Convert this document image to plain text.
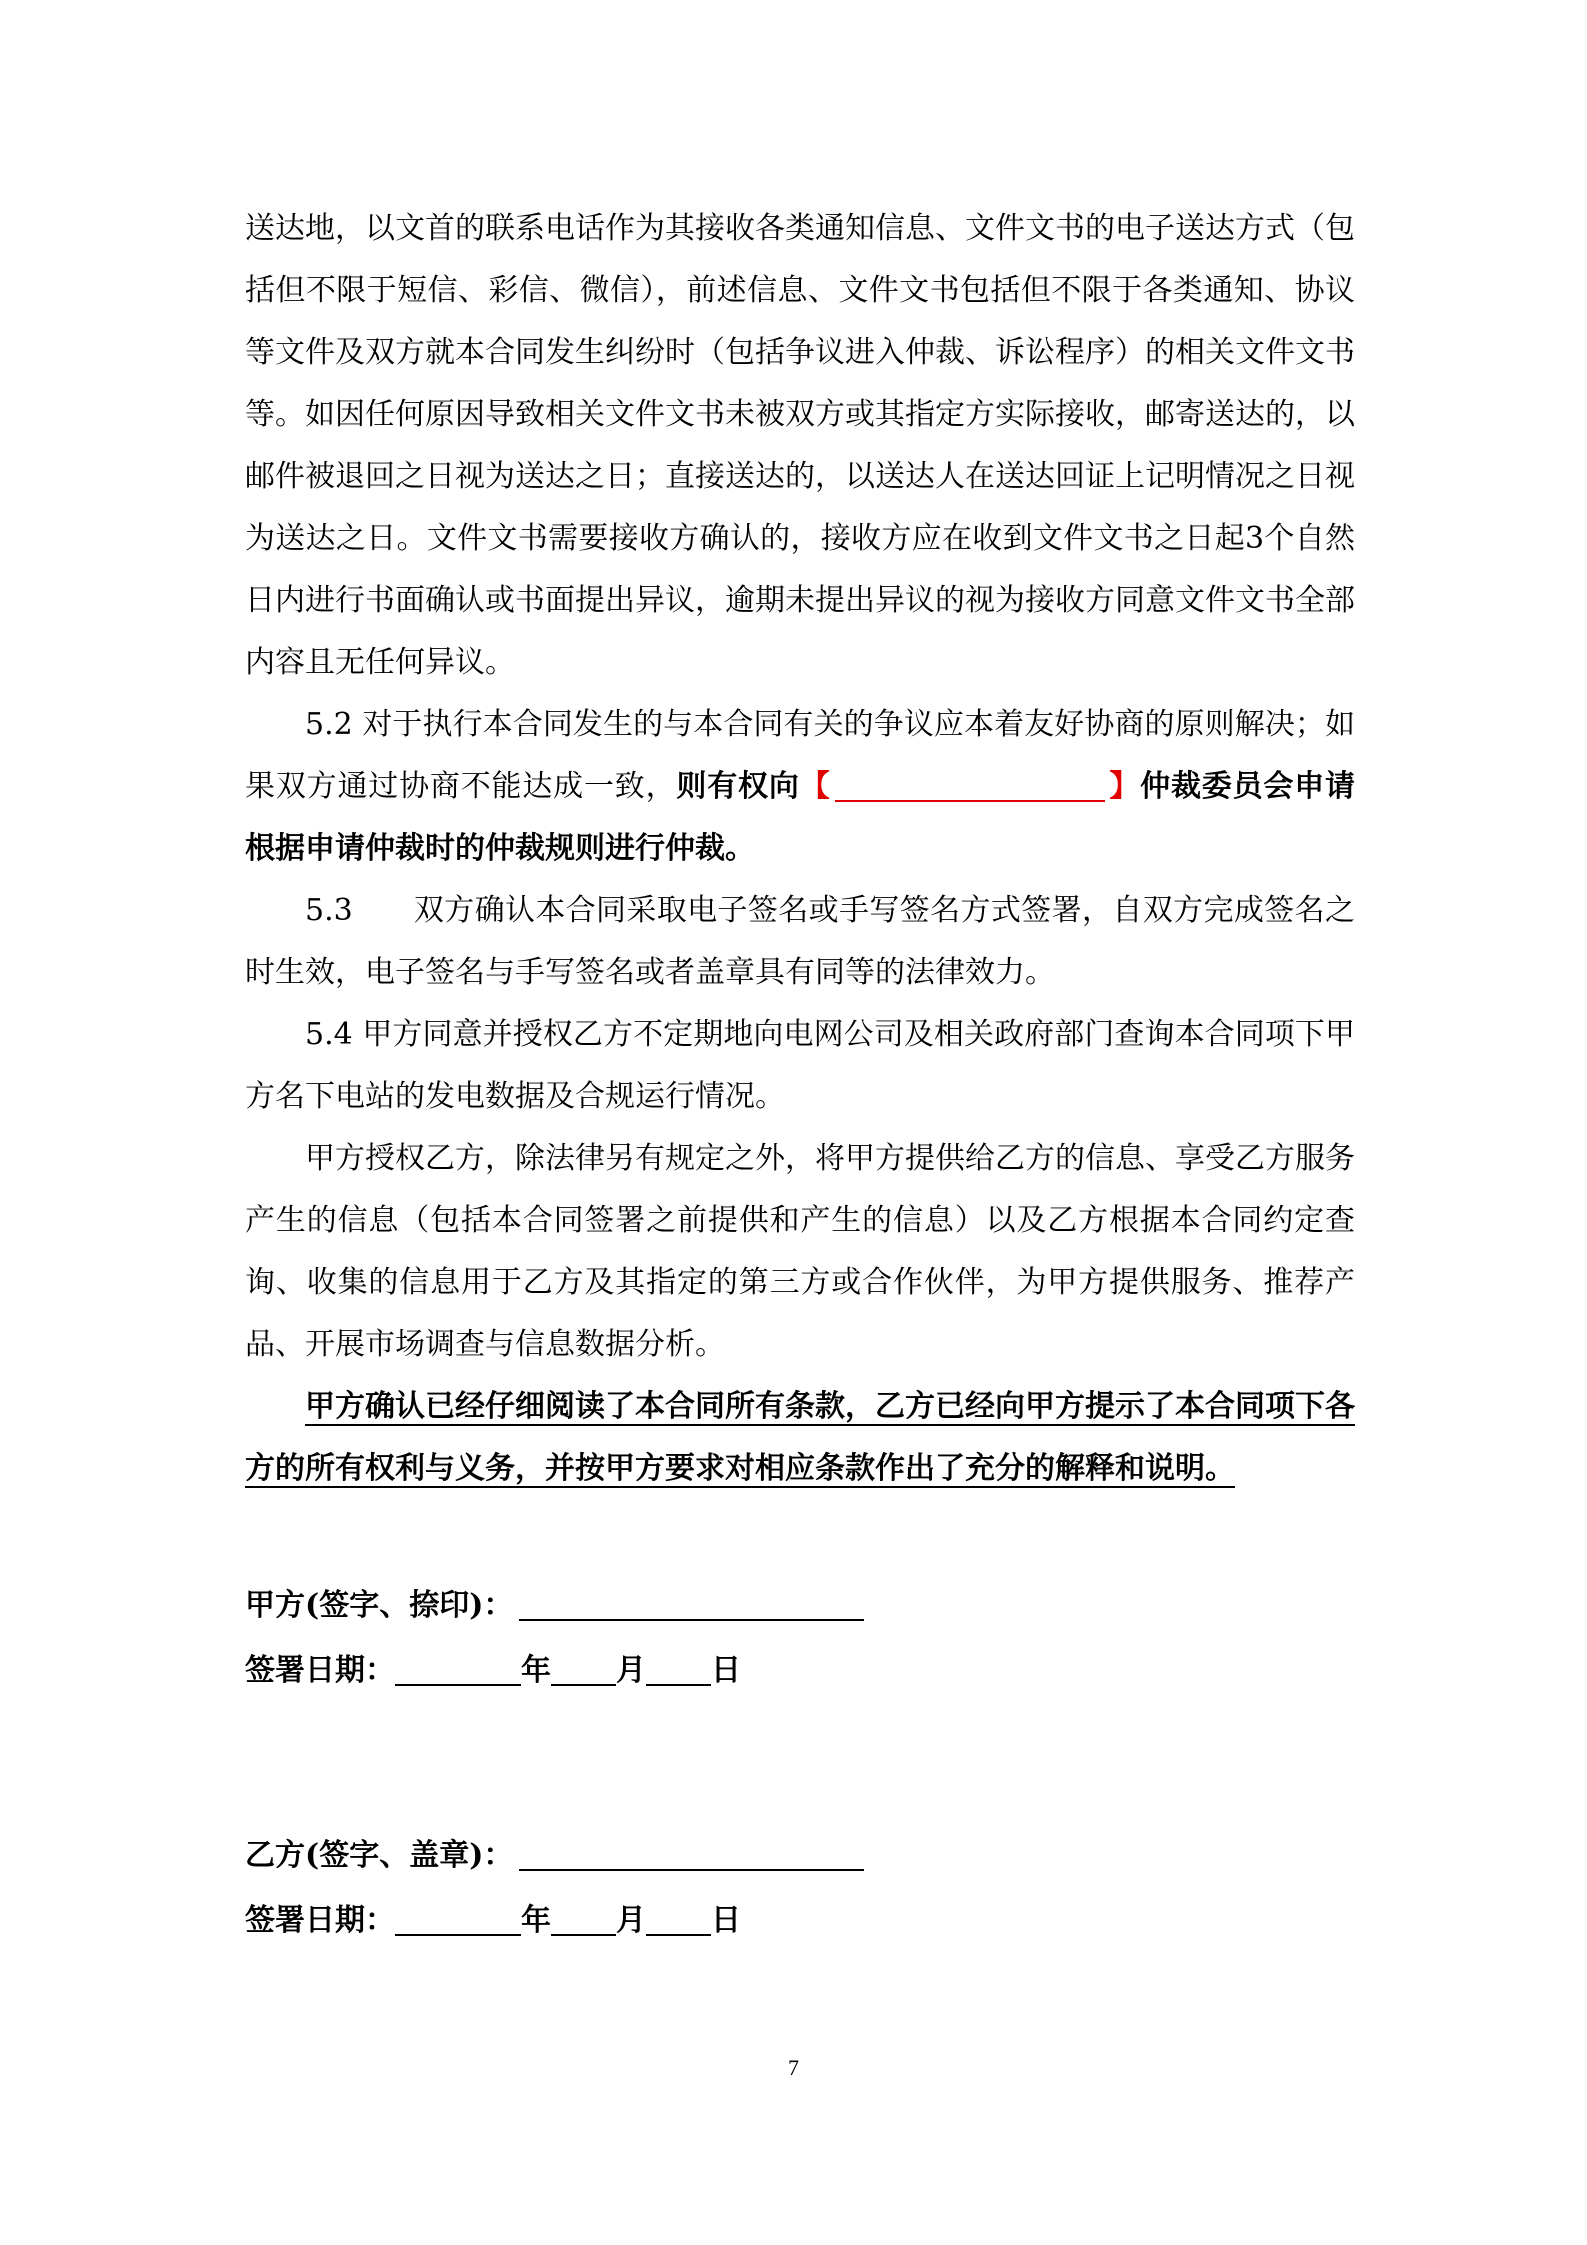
送达地，以文首的联系电话作为其接收各类通知信息、文件文书的电子送达方式（包括但不限于短信、彩信、微信），前述信息、文件文书包括但不限于各类通知、协议等文件及双方就本合同发生纠纷时（包括争议进入仲裁、诉讼程序）的相关文件文书等。如因任何原因导致相关文件文书未被双方或其指定方实际接收，邮寄送达的，以邮件被退回之日视为送达之日；直接送达的，以送达人在送达回证上记明情况之日视为送达之日。文件文书需要接收方确认的，接收方应在收到文件文书之日起3个自然日内进行书面确认或书面提出异议，逾期未提出异议的视为接收方同意文件文书全部内容且无任何异议。

5.2 对于执行本合同发生的与本合同有关的争议应本着友好协商的原则解决；如果双方通过协商不能达成一致，则有权向【	】仲裁委员会申请根据申请仲裁时的仲裁规则进行仲裁。

5.3　　双方确认本合同采取电子签名或手写签名方式签署，自双方完成签名之时生效，电子签名与手写签名或者盖章具有同等的法律效力。

5.4 甲方同意并授权乙方不定期地向电网公司及相关政府部门查询本合同项下甲方名下电站的发电数据及合规运行情况。

甲方授权乙方，除法律另有规定之外，将甲方提供给乙方的信息、享受乙方服务产生的信息（包括本合同签署之前提供和产生的信息）以及乙方根据本合同约定查询、收集的信息用于乙方及其指定的第三方或合作伙伴，为甲方提供服务、推荐产品、开展市场调查与信息数据分析。

甲方确认已经仔细阅读了本合同所有条款，乙方已经向甲方提示了本合同项下各方的所有权利与义务，并按甲方要求对相应条款作出了充分的解释和说明。

甲方(签字、捺印)：
签署日期：	年 月 日
乙方(签字、盖章)：
签署日期：	年 月 日
7
